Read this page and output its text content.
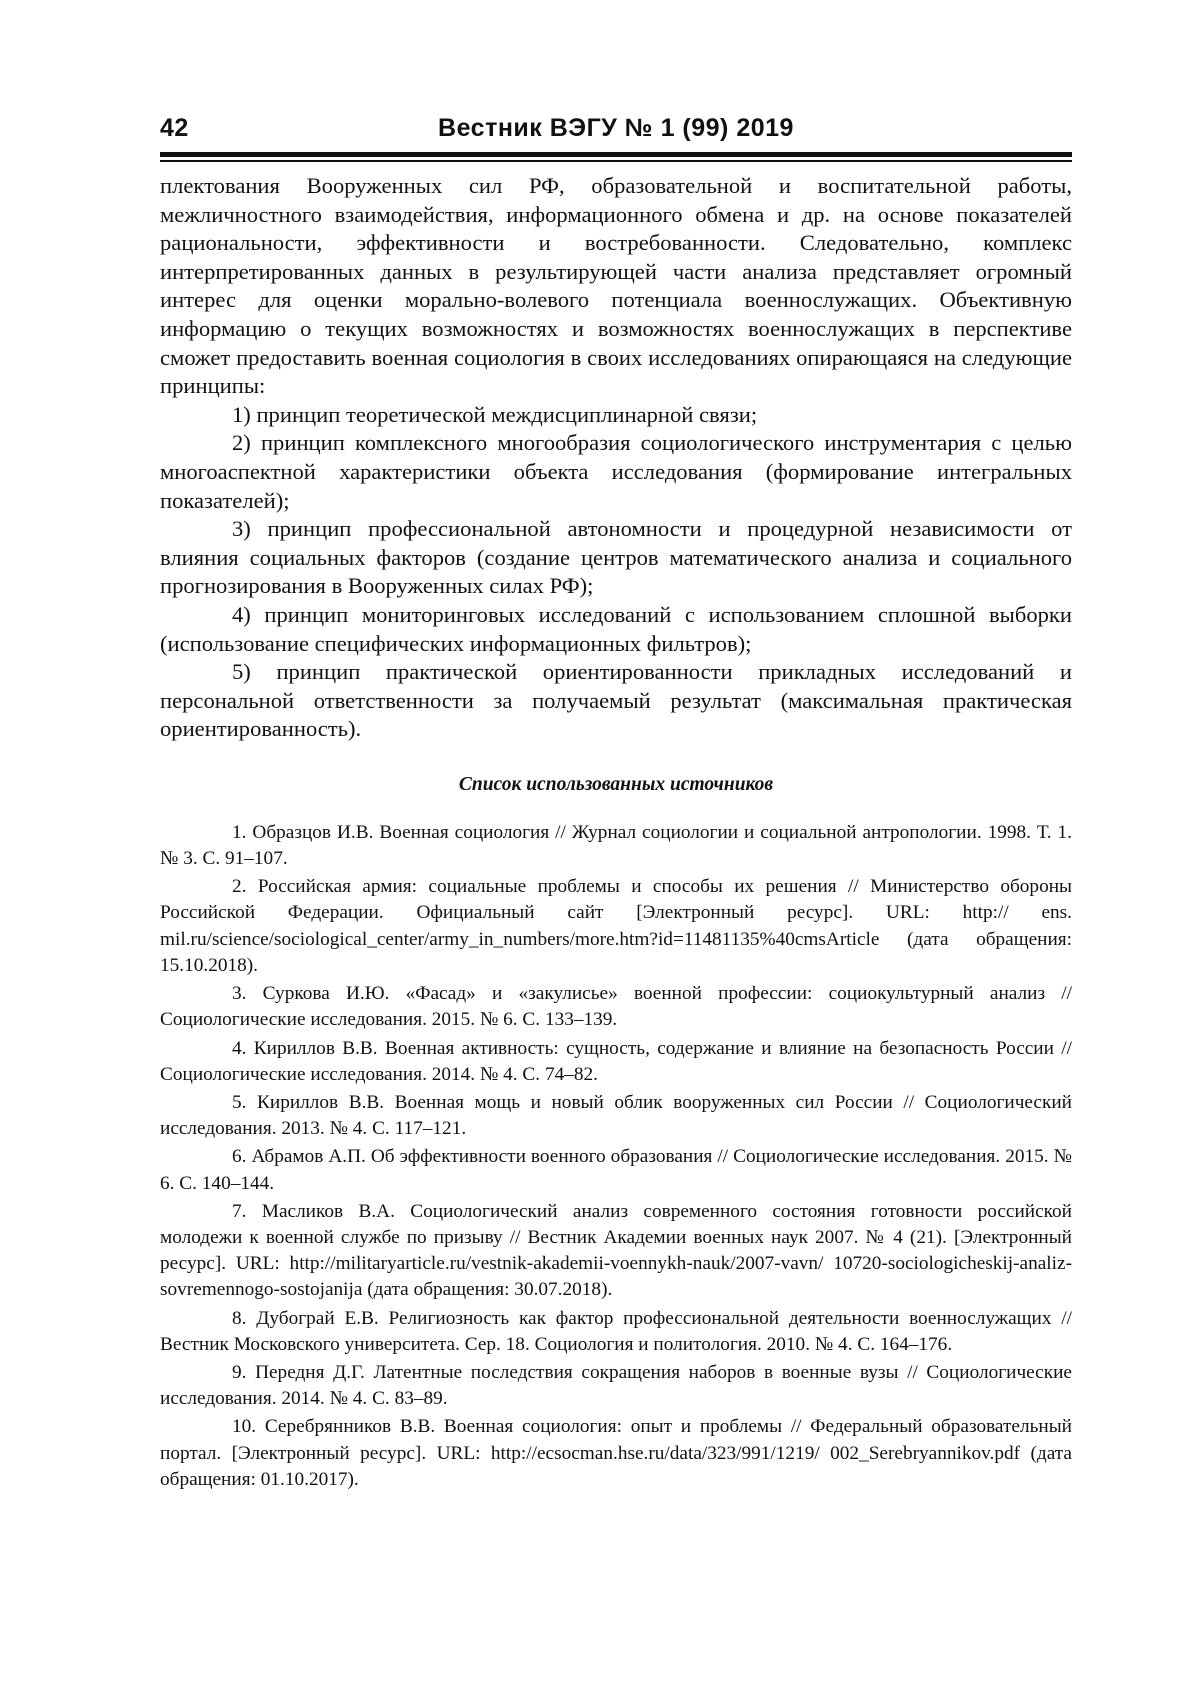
42	Вестник ВЭГУ № 1 (99) 2019

плектования Вооруженных сил РФ, образовательной и воспитательной работы, межличностного взаимодействия, информационного обмена и др. на основе показателей рациональности, эффективности и востребованности. Следовательно, комплекс интерпретированных данных в результирующей части анализа представляет огромный интерес для оценки морально-волевого потенциала военнослужащих. Объективную информацию о текущих возможностях и возможностях военнослужащих в перспективе сможет предоставить военная социология в своих исследованиях опирающаяся на следующие принципы:

1) принцип теоретической междисциплинарной связи;

2) принцип комплексного многообразия социологического инструментария с целью многоаспектной характеристики объекта исследования (формирование интегральных показателей);

3) принцип профессиональной автономности и процедурной независимости от влияния социальных факторов (создание центров математического анализа и социального прогнозирования в Вооруженных силах РФ);

4) принцип мониторинговых исследований с использованием сплошной выборки (использование специфических информационных фильтров);

5) принцип практической ориентированности прикладных исследований и персональной ответственности за получаемый результат (максимальная практическая ориентированность).

Список использованных источников

1. Образцов И.В. Военная социология // Журнал социологии и социальной антропологии. 1998. Т. 1. № 3. С. 91–107.

2. Российская армия: социальные проблемы и способы их решения // Министерство обороны Российской Федерации. Официальный сайт [Электронный ресурс]. URL: http:// ens. mil.ru/science/sociological_center/army_in_numbers/more.htm?id=11481135%40cmsArticle (дата обращения: 15.10.2018).

3. Суркова И.Ю. «Фасад» и «закулисье» военной профессии: социокультурный анализ // Социологические исследования. 2015. № 6. С. 133–139.

4. Кириллов В.В. Военная активность: сущность, содержание и влияние на безопасность России // Социологические исследования. 2014. № 4. С. 74–82.

5. Кириллов В.В. Военная мощь и новый облик вооруженных сил России // Социологический исследования. 2013. № 4. С. 117–121.

6. Абрамов А.П. Об эффективности военного образования // Социологические исследования. 2015. № 6. С. 140–144.

7. Масликов В.А. Социологический анализ современного состояния готовности российской молодежи к военной службе по призыву // Вестник Академии военных наук 2007. № 4 (21). [Электронный ресурс]. URL: http://militaryarticle.ru/vestnik-akademii-voennykh-nauk/2007-vavn/ 10720-sociologicheskij-analiz-sovremennogo-sostojanija (дата обращения: 30.07.2018).

8. Дубограй Е.В. Религиозность как фактор профессиональной деятельности военнослужащих // Вестник Московского университета. Сер. 18. Социология и политология. 2010. № 4. С. 164–176.

9. Передня Д.Г. Латентные последствия сокращения наборов в военные вузы // Социологические исследования. 2014. № 4. С. 83–89.

10. Серебрянников В.В. Военная социология: опыт и проблемы // Федеральный образовательный портал. [Электронный ресурс]. URL: http://ecsocman.hse.ru/data/323/991/1219/ 002_Serebryannikov.pdf (дата обращения: 01.10.2017).
